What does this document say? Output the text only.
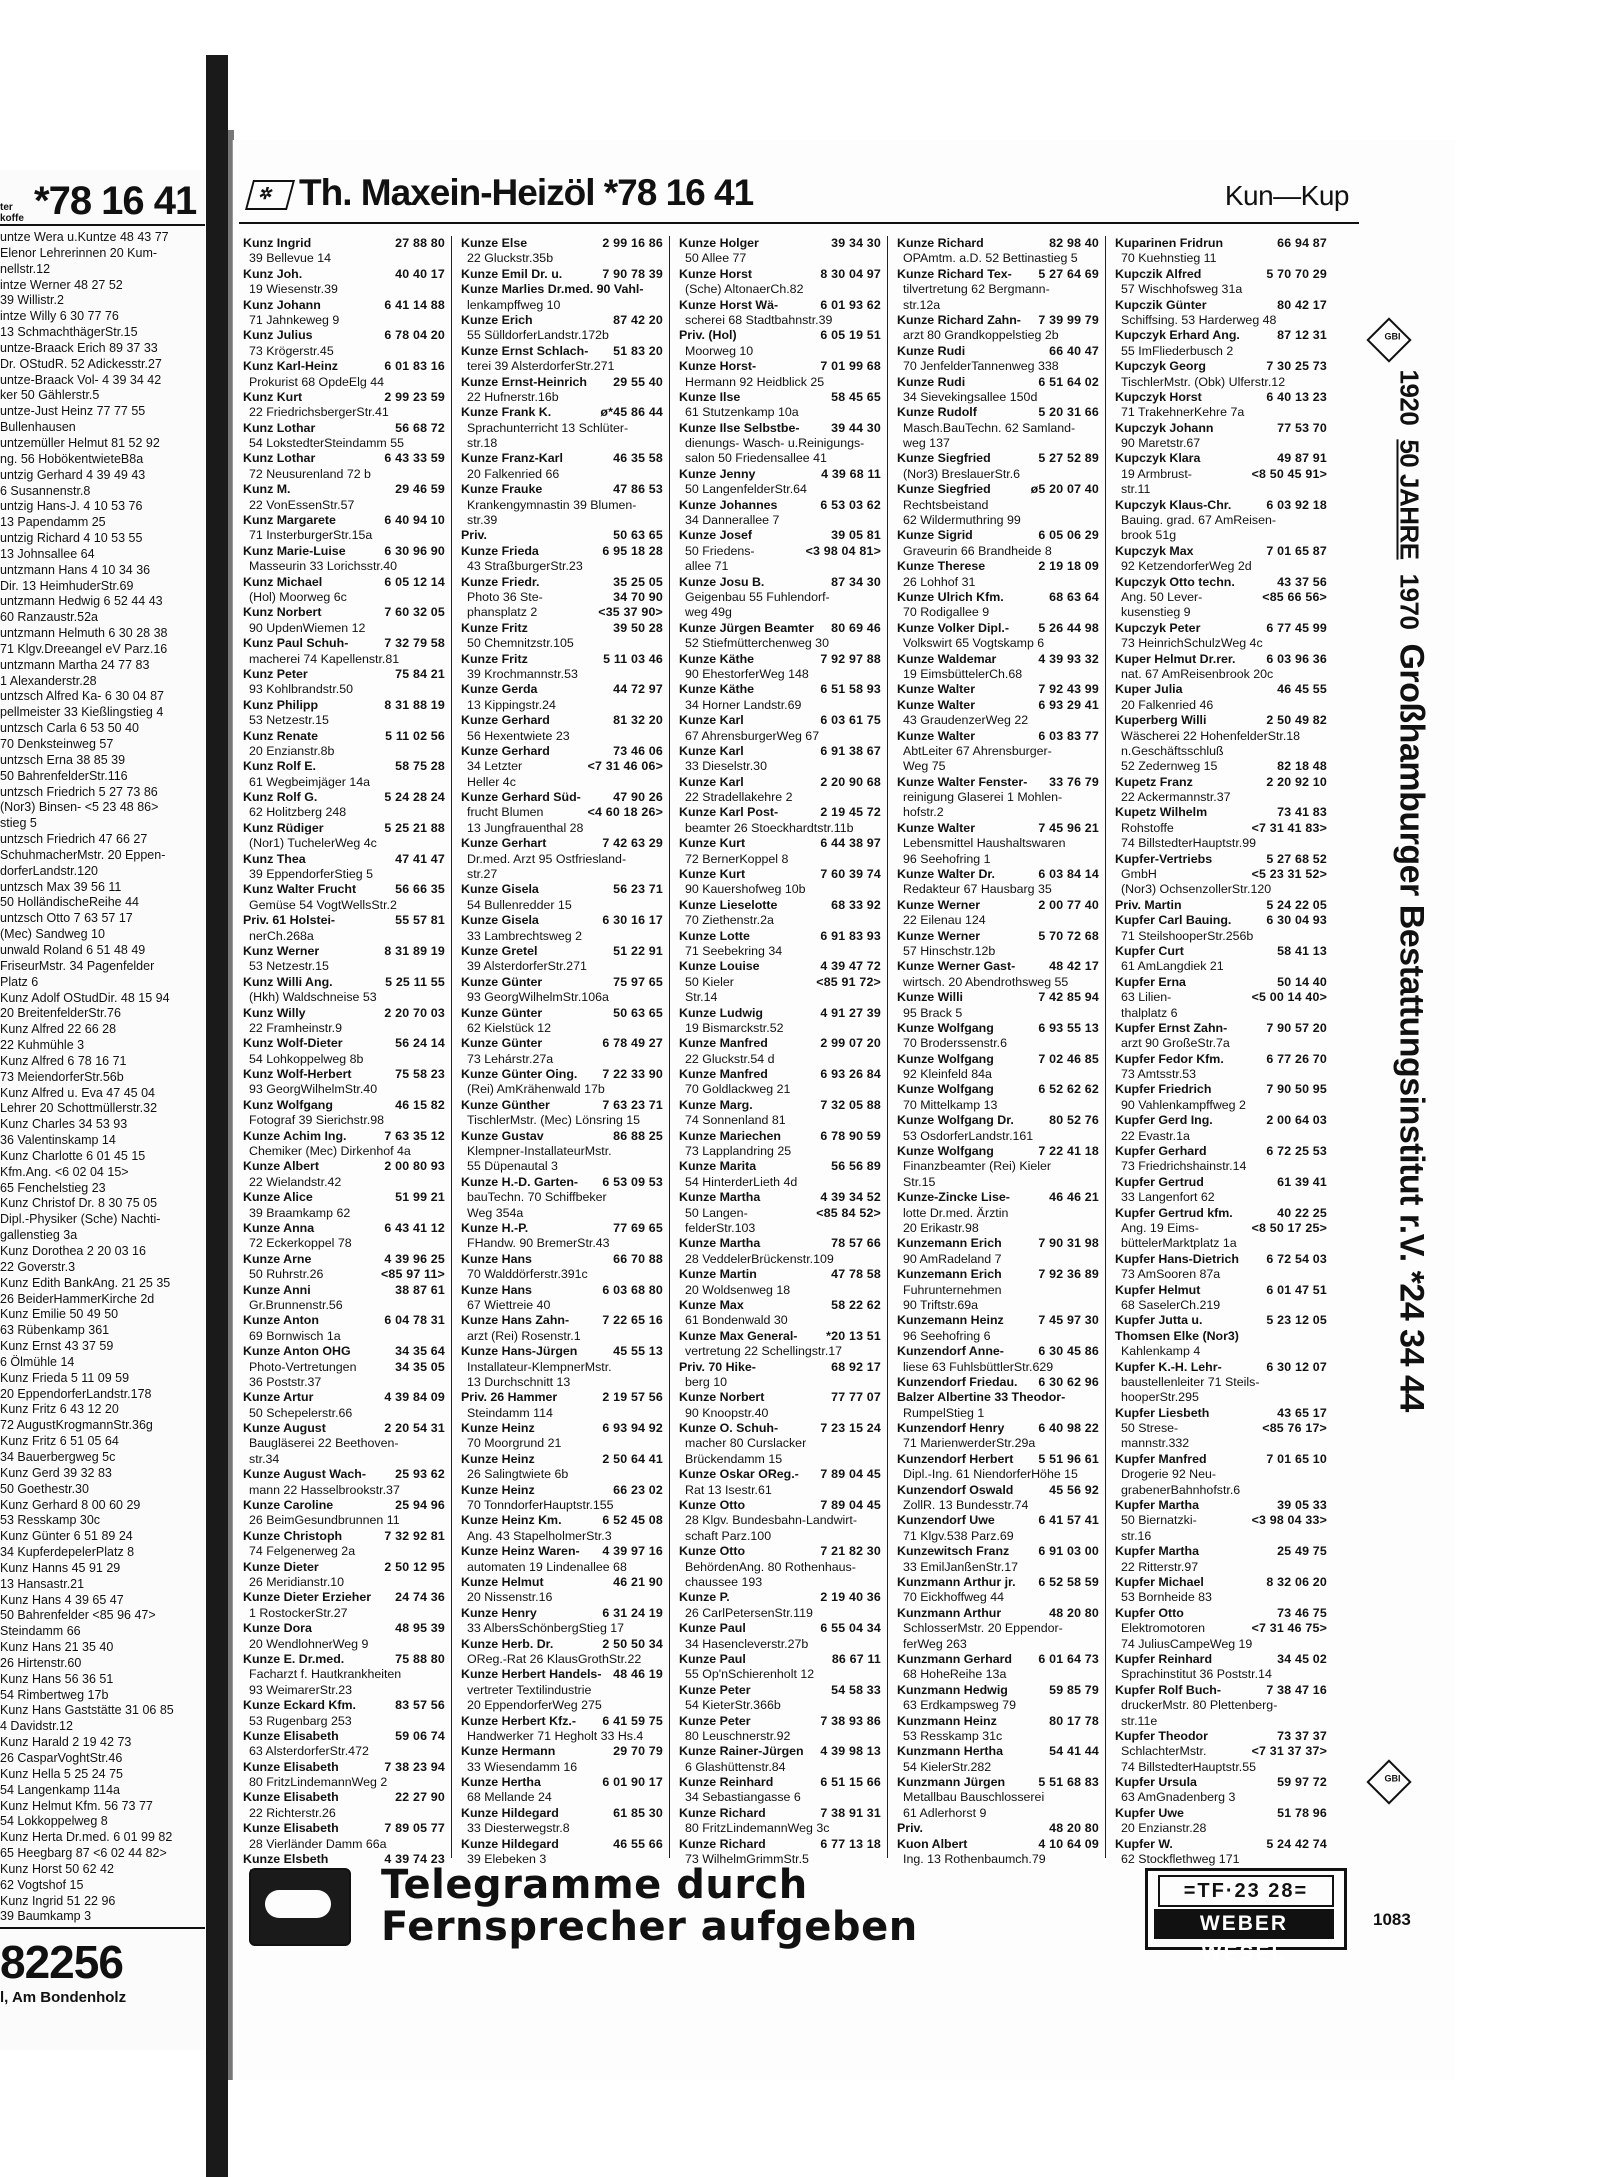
ter koffe *78 16 41
untze Wera u.Kuntze 48 43 77
Elenor Lehrerinnen 20 Kum-
nellstr.12
intze Werner 48 27 52
39 Willistr.2
intze Willy 6 30 77 76
13 SchmachthägerStr.15
untze-Braack Erich 89 37 33
Dr. OStudR. 52 Adickesstr.27
untze-Braack Vol- 4 39 34 42
ker 50 Gählerstr.5
untze-Just Heinz 77 77 55
Bullenhausen
untzemüller Helmut 81 52 92
ng. 56 HobökentwieteB8a
untzig Gerhard 4 39 49 43
6 Susannenstr.8
untzig Hans-J. 4 10 53 76
13 Papendamm 25
untzig Richard 4 10 53 55
13 Johnsallee 64
untzmann Hans 4 10 34 36
Dir. 13 HeimhuderStr.69
untzmann Hedwig 6 52 44 43
60 Ranzaustr.52a
untzmann Helmuth 6 30 28 38
71 Klgv.Dreeangel eV Parz.16
untzmann Martha 24 77 83
1 Alexanderstr.28
untzsch Alfred Ka- 6 30 04 87
pellmeister 33 Kießlingstieg 4
untzsch Carla 6 53 50 40
70 Denksteinweg 57
untzsch Erna 38 85 39
50 BahrenfelderStr.116
untzsch Friedrich 5 27 73 86
(Nor3) Binsen- <5 23 48 86>
stieg 5
untzsch Friedrich 47 66 27
SchuhmacherMstr. 20 Eppen-
dorferLandstr.120
untzsch Max 39 56 11
50 HolländischeReihe 44
untzsch Otto 7 63 57 17
(Mec) Sandweg 10
unwald Roland 6 51 48 49
FriseurMstr. 34 Pagenfelder
Platz 6
Kunz Adolf OStudDir. 48 15 94
20 BreitenfelderStr.76
Kunz Alfred 22 66 28
22 Kuhmühle 3
Kunz Alfred 6 78 16 71
73 MeiendorferStr.56b
Kunz Alfred u. Eva 47 45 04
Lehrer 20 Schottmüllerstr.32
Kunz Charles 34 53 93
36 Valentinskamp 14
Kunz Charlotte 6 01 45 15
Kfm.Ang. <6 02 04 15>
65 Fenchelstieg 23
Kunz Christof Dr. 8 30 75 05
Dipl.-Physiker (Sche) Nachti-
gallenstieg 3a
Kunz Dorothea 2 20 03 16
22 Goverstr.3
Kunz Edith BankAng. 21 25 35
26 BeiderHammerKirche 2d
Kunz Emilie 50 49 50
63 Rübenkamp 361
Kunz Ernst 43 37 59
6 Ölmühle 14
Kunz Frieda 5 11 09 59
20 EppendorferLandstr.178
Kunz Fritz 6 43 12 20
72 AugustKrogmannStr.36g
Kunz Fritz 6 51 05 64
34 Bauerbergweg 5c
Kunz Gerd 39 32 83
50 Goethestr.30
Kunz Gerhard 8 00 60 29
53 Resskamp 30c
Kunz Günter 6 51 89 24
34 KupferdepelerPlatz 8
Kunz Hanns 45 91 29
13 Hansastr.21
Kunz Hans 4 39 65 47
50 Bahrenfelder <85 96 47>
Steindamm 66
Kunz Hans 21 35 40
26 Hirtenstr.60
Kunz Hans 56 36 51
54 Rimbertweg 17b
Kunz Hans Gaststätte 31 06 85
4 Davidstr.12
Kunz Harald 2 19 42 73
26 CasparVoghtStr.46
Kunz Hella 5 25 24 75
54 Langenkamp 114a
Kunz Helmut Kfm. 56 73 77
54 Lokkoppelweg 8
Kunz Herta Dr.med. 6 01 99 82
65 Heegbarg 87 <6 02 44 82>
Kunz Horst 50 62 42
62 Vogtshof 15
Kunz Ingrid 51 22 96
39 Baumkamp 3
82256
l, Am Bondenholz
✲ Th. Maxein-Heizöl *78 16 41	Kun—Kup
Kunz Ingrid	27 88 80
39 Bellevue 14
Kunz Joh.	40 40 17
19 Wiesenstr.39
Kunz Johann	6 41 14 88
71 Jahnkeweg 9
Kunz Julius	6 78 04 20
73 Krögerstr.45
Kunz Karl-Heinz	6 01 83 16
Prokurist 68 OpdeElg 44
Kunz Kurt	2 99 23 59
22 FriedrichsbergerStr.41
Kunz Lothar	56 68 72
54 LokstedterSteindamm 55
Kunz Lothar	6 43 33 59
72 Neusurenland 72 b
Kunz M.	29 46 59
22 VonEssenStr.57
Kunz Margarete	6 40 94 10
71 InsterburgerStr.15a
Kunz Marie-Luise	6 30 96 90
Masseurin 33 Lorichsstr.40
Kunz Michael	6 05 12 14
(Hol) Moorweg 6c
Kunz Norbert	7 60 32 05
90 UpdenWiemen 12
Kunz Paul Schuh-	7 32 79 58
macherei 74 Kapellenstr.81
Kunz Peter	75 84 21
93 Kohlbrandstr.50
Kunz Philipp	8 31 88 19
53 Netzestr.15
Kunz Renate	5 11 02 56
20 Enzianstr.8b
Kunz Rolf E.	58 75 28
61 Wegbeimjäger 14a
Kunz Rolf G.	5 24 28 24
62 Holitzberg 248
Kunz Rüdiger	5 25 21 88
(Nor1) TuchelerWeg 4c
Kunz Thea	47 41 47
39 EppendorferStieg 5
Kunz Walter Frucht	56 66 35
Gemüse 54 VogtWellsStr.2
Priv. 61 Holstei-	55 57 81
nerCh.268a
Kunz Werner	8 31 89 19
53 Netzestr.15
Kunz Willi Ang.	5 25 11 55
(Hkh) Waldschneise 53
Kunz Willy	2 20 70 03
22 Framheinstr.9
Kunz Wolf-Dieter	56 24 14
54 Lohkoppelweg 8b
Kunz Wolf-Herbert	75 58 23
93 GeorgWilhelmStr.40
Kunz Wolfgang	46 15 82
Fotograf 39 Sierichstr.98
Kunze Achim Ing.	7 63 35 12
Chemiker (Mec) Dirkenhof 4a
Kunze Albert	2 00 80 93
22 Wielandstr.42
Kunze Alice	51 99 21
39 Braamkamp 62
Kunze Anna	6 43 41 12
72 Eckerkoppel 78
Kunze Arne	4 39 96 25
50 Ruhrstr.26	<85 97 11>
Kunze Anni	38 87 61
Gr.Brunnenstr.56
Kunze Anton	6 04 78 31
69 Bornwisch 1a
Kunze Anton OHG	34 35 64
Photo-Vertretungen	34 35 05
36 Poststr.37
Kunze Artur	4 39 84 09
50 Schepelerstr.66
Kunze August	2 20 54 31
Baugläserei 22 Beethoven-
str.34
Kunze August Wach-	25 93 62
mann 22 Hasselbrookstr.37
Kunze Caroline	25 94 96
26 BeimGesundbrunnen 11
Kunze Christoph	7 32 92 81
74 Felgenerweg 2a
Kunze Dieter	2 50 12 95
26 Meridianstr.10
Kunze Dieter Erzieher	24 74 36
1 RostockerStr.27
Kunze Dora	48 95 39
20 WendlohnerWeg 9
Kunze E. Dr.med.	75 88 80
Facharzt f. Hautkrankheiten
93 WeimarerStr.23
Kunze Eckard Kfm.	83 57 56
53 Rugenbarg 253
Kunze Elisabeth	59 06 74
63 AlsterdorferStr.472
Kunze Elisabeth	7 38 23 94
80 FritzLindemannWeg 2
Kunze Elisabeth	22 27 90
22 Richterstr.26
Kunze Elisabeth	7 89 05 77
28 Vierländer Damm 66a
Kunze Elsbeth	4 39 74 23
Kunze Else	2 99 16 86
22 Gluckstr.35b
Kunze Emil Dr. u.	7 90 78 39
Kunze Marlies Dr.med. 90 Vahl-
lenkampffweg 10
Kunze Erich	87 42 20
55 SülldorferLandstr.172b
Kunze Ernst Schlach-	51 83 20
terei 39 AlsterdorferStr.271
Kunze Ernst-Heinrich	29 55 40
22 Hufnerstr.16b
Kunze Frank K.	ø*45 86 44
Sprachunterricht 13 Schlüter-
str.18
Kunze Franz-Karl	46 35 58
20 Falkenried 66
Kunze Frauke	47 86 53
Krankengymnastin 39 Blumen-
str.39
Priv.	50 63 65
Kunze Frieda	6 95 18 28
43 StraßburgerStr.23
Kunze Friedr.	35 25 05
Photo 36 Ste-	34 70 90
phansplatz 2	<35 37 90>
Kunze Fritz	39 50 28
50 Chemnitzstr.105
Kunze Fritz	5 11 03 46
39 Krochmannstr.53
Kunze Gerda	44 72 97
13 Kippingstr.24
Kunze Gerhard	81 32 20
56 Hexentwiete 23
Kunze Gerhard	73 46 06
34 Letzter	<7 31 46 06>
Heller 4c
Kunze Gerhard Süd-	47 90 26
frucht Blumen	<4 60 18 26>
13 Jungfrauenthal 28
Kunze Gerhart	7 42 63 29
Dr.med. Arzt 95 Ostfriesland-
str.27
Kunze Gisela	56 23 71
54 Bullenredder 15
Kunze Gisela	6 30 16 17
33 Lambrechtsweg 2
Kunze Gretel	51 22 91
39 AlsterdorferStr.271
Kunze Günter	75 97 65
93 GeorgWilhelmStr.106a
Kunze Günter	50 63 65
62 Kielstück 12
Kunze Günter	6 78 49 27
73 Lehárstr.27a
Kunze Günter Oing.	7 22 33 90
(Rei) AmKrähenwald 17b
Kunze Günther	7 63 23 71
TischlerMstr. (Mec) Lönsring 15
Kunze Gustav	86 88 25
Klempner-InstallateurMstr.
55 Düpenautal 3
Kunze H.-D. Garten-	6 53 09 53
bauTechn. 70 Schiffbeker
Weg 354a
Kunze H.-P.	77 69 65
FHandw. 90 BremerStr.43
Kunze Hans	66 70 88
70 Walddörferstr.391c
Kunze Hans	6 03 68 80
67 Wiettreie 40
Kunze Hans Zahn-	7 22 65 16
arzt (Rei) Rosenstr.1
Kunze Hans-Jürgen	45 55 13
Installateur-KlempnerMstr.
13 Durchschnitt 13
Priv. 26 Hammer	2 19 57 56
Steindamm 114
Kunze Heinz	6 93 94 92
70 Moorgrund 21
Kunze Heinz	2 50 64 41
26 Salingtwiete 6b
Kunze Heinz	66 23 02
70 TonndorferHauptstr.155
Kunze Heinz Km.	6 52 45 08
Ang. 43 StapelholmerStr.3
Kunze Heinz Waren-	4 39 97 16
automaten 19 Lindenallee 68
Kunze Helmut	46 21 90
20 Nissenstr.16
Kunze Henry	6 31 24 19
33 AlbersSchönbergStieg 17
Kunze Herb. Dr.	2 50 50 34
OReg.-Rat 26 KlausGrothStr.22
Kunze Herbert Handels- 48 46 19
vertreter Textilindustrie
20 EppendorferWeg 275
Kunze Herbert Kfz.-	6 41 59 75
Handwerker 71 Hegholt 33 Hs.4
Kunze Hermann	29 70 79
33 Wiesendamm 16
Kunze Hertha	6 01 90 17
68 Mellande 24
Kunze Hildegard	61 85 30
33 Diesterwegstr.8
Kunze Hildegard	46 55 66
39 Elebeken 3
Kunze Holger	39 34 30
50 Allee 77
Kunze Horst	8 30 04 97
(Sche) AltonaerCh.82
Kunze Horst Wä-	6 01 93 62
scherei 68 Stadtbahnstr.39
Priv. (Hol)	6 05 19 51
Moorweg 10
Kunze Horst-	7 01 99 68
Hermann 92 Heidblick 25
Kunze Ilse	58 45 65
61 Stutzenkamp 10a
Kunze Ilse Selbstbe-	39 44 30
dienungs- Wasch- u.Reinigungs-
salon 50 Friedensallee 41
Kunze Jenny	4 39 68 11
50 LangenfelderStr.64
Kunze Johannes	6 53 03 62
34 Dannerallee 7
Kunze Josef	39 05 81
50 Friedens-	<3 98 04 81>
allee 71
Kunze Josu B.	87 34 30
Geigenbau 55 Fuhlendorf-
weg 49g
Kunze Jürgen Beamter	80 69 46
52 Stiefmütterchenweg 30
Kunze Käthe	7 92 97 88
90 EhestorferWeg 148
Kunze Käthe	6 51 58 93
34 Horner Landstr.69
Kunze Karl	6 03 61 75
67 AhrensburgerWeg 67
Kunze Karl	6 91 38 67
33 Dieselstr.30
Kunze Karl	2 20 90 68
22 Stradellakehre 2
Kunze Karl Post-	2 19 45 72
beamter 26 Stoeckhardtstr.11b
Kunze Kurt	6 44 38 97
72 BernerKoppel 8
Kunze Kurt	7 60 39 74
90 Kauershofweg 10b
Kunze Lieselotte	68 33 92
70 Ziethenstr.2a
Kunze Lotte	6 91 83 93
71 Seebekring 34
Kunze Louise	4 39 47 72
50 Kieler	<85 91 72>
Str.14
Kunze Ludwig	4 91 27 39
19 Bismarckstr.52
Kunze Manfred	2 99 07 20
22 Gluckstr.54 d
Kunze Manfred	6 93 26 84
70 Goldlackweg 21
Kunze Marg.	7 32 05 88
74 Sonnenland 81
Kunze Mariechen	6 78 90 59
73 Lapplandring 25
Kunze Marita	56 56 89
54 HinterderLieth 4d
Kunze Martha	4 39 34 52
50 Langen-	<85 84 52>
felderStr.103
Kunze Martha	78 57 66
28 VeddelerBrückenstr.109
Kunze Martin	47 78 58
20 Woldsenweg 18
Kunze Max	58 22 62
61 Bondenwald 30
Kunze Max General-	*20 13 51
vertretung 22 Schellingstr.17
Priv. 70 Hike-	68 92 17
berg 10
Kunze Norbert	77 77 07
90 Knoopstr.40
Kunze O. Schuh-	7 23 15 24
macher 80 Curslacker
Brückendamm 15
Kunze Oskar OReg.-	7 89 04 45
Rat 13 Isestr.61
Kunze Otto	7 89 04 45
28 Klgv. Bundesbahn-Landwirt-
schaft Parz.100
Kunze Otto	7 21 82 30
BehördenAng. 80 Rothenhaus-
chaussee 193
Kunze P.	2 19 40 36
26 CarlPetersenStr.119
Kunze Paul	6 55 04 34
34 Hasencleverstr.27b
Kunze Paul	86 67 11
55 Op'nSchierenholt 12
Kunze Peter	54 58 33
54 KieterStr.366b
Kunze Peter	7 38 93 86
80 Leuschnerstr.92
Kunze Rainer-Jürgen	4 39 98 13
6 Glashüttenstr.84
Kunze Reinhard	6 51 15 66
34 Sebastiangasse 6
Kunze Richard	7 38 91 31
80 FritzLindemannWeg 3c
Kunze Richard	6 77 13 18
73 WilhelmGrimmStr.5
Kunze Richard	82 98 40
OPAmtm. a.D. 52 Bettinastieg 5
Kunze Richard Tex-	5 27 64 69
tilvertretung 62 Bergmann-
str.12a
Kunze Richard Zahn-	7 39 99 79
arzt 80 Grandkoppelstieg 2b
Kunze Rudi	66 40 47
70 JenfelderTannenweg 338
Kunze Rudi	6 51 64 02
34 Sievekingsallee 150d
Kunze Rudolf	5 20 31 66
Masch.BauTechn. 62 Samland-
weg 137
Kunze Siegfried	5 27 52 89
(Nor3) BreslauerStr.6
Kunze Siegfried	ø5 20 07 40
Rechtsbeistand
62 Wildermuthring 99
Kunze Sigrid	6 05 06 29
Graveurin 66 Brandheide 8
Kunze Therese	2 19 18 09
26 Lohhof 31
Kunze Ulrich Kfm.	68 63 64
70 Rodigallee 9
Kunze Volker Dipl.-	5 26 44 98
Volkswirt 65 Vogtskamp 6
Kunze Waldemar	4 39 93 32
19 EimsbüttelerCh.68
Kunze Walter	7 92 43 99
Kunze Walter	6 93 29 41
43 GraudenzerWeg 22
Kunze Walter	6 03 83 77
AbtLeiter 67 Ahrensburger-
Weg 75
Kunze Walter Fenster-	33 76 79
reinigung Glaserei 1 Mohlen-
hofstr.2
Kunze Walter	7 45 96 21
Lebensmittel Haushaltswaren
96 Seehofring 1
Kunze Walter Dr.	6 03 84 14
Redakteur 67 Hausbarg 35
Kunze Werner	2 00 77 40
22 Eilenau 124
Kunze Werner	5 70 72 68
57 Hinschstr.12b
Kunze Werner Gast-	48 42 17
wirtsch. 20 Abendrothsweg 55
Kunze Willi	7 42 85 94
95 Brack 5
Kunze Wolfgang	6 93 55 13
70 Broderssenstr.6
Kunze Wolfgang	7 02 46 85
92 Kleinfeld 84a
Kunze Wolfgang	6 52 62 62
70 Mittelkamp 13
Kunze Wolfgang Dr.	80 52 76
53 OsdorferLandstr.161
Kunze Wolfgang	7 22 41 18
Finanzbeamter (Rei) Kieler
Str.15
Kunze-Zincke Lise-	46 46 21
lotte Dr.med. Ärztin
20 Erikastr.98
Kunzemann Erich	7 90 31 98
90 AmRadeland 7
Kunzemann Erich	7 92 36 89
Fuhrunternehmen
90 Triftstr.69a
Kunzemann Heinz	7 45 97 30
96 Seehofring 6
Kunzendorf Anne-	6 30 45 86
liese 63 FuhlsbüttlerStr.629
Kunzendorf Friedau.	6 30 62 96
Balzer Albertine 33 Theodor-
RumpelStieg 1
Kunzendorf Henry	6 40 98 22
71 MarienwerderStr.29a
Kunzendorf Herbert	5 51 96 61
Dipl.-Ing. 61 NiendorferHöhe 15
Kunzendorf Oswald	45 56 92
ZollR. 13 Bundesstr.74
Kunzendorf Uwe	6 41 57 41
71 Klgv.538 Parz.69
Kunzewitsch Franz	6 91 03 00
33 EmilJanßenStr.17
Kunzmann Arthur jr.	6 52 58 59
70 Eickhoffweg 44
Kunzmann Arthur	48 20 80
SchlosserMstr. 20 Eppendor-
ferWeg 263
Kunzmann Gerhard	6 01 64 73
68 HoheReihe 13a
Kunzmann Hedwig	59 85 79
63 Erdkampsweg 79
Kunzmann Heinz	80 17 78
53 Resskamp 31c
Kunzmann Hertha	54 41 44
54 KielerStr.282
Kunzmann Jürgen	5 51 68 83
Metallbau Bauschlosserei
61 Adlerhorst 9
Priv.	48 20 80
Kuon Albert	4 10 64 09
Ing. 13 Rothenbaumch.79
Kuparinen Fridrun	66 94 87
70 Kuehnstieg 11
Kupczik Alfred	5 70 70 29
57 Wischhofsweg 31a
Kupczik Günter	80 42 17
Schiffsing. 53 Harderweg 48
Kupczyk Erhard Ang.	87 12 31
55 ImFliederbusch 2
Kupczyk Georg	7 30 25 73
TischlerMstr. (Obk) Ulferstr.12
Kupczyk Horst	6 40 13 23
71 TrakehnerKehre 7a
Kupczyk Johann	77 53 70
90 Maretstr.67
Kupczyk Klara	49 87 91
19 Armbrust-	<8 50 45 91>
str.11
Kupczyk Klaus-Chr.	6 03 92 18
Bauing. grad. 67 AmReisen-
brook 51g
Kupczyk Max	7 01 65 87
92 KetzendorferWeg 2d
Kupczyk Otto techn.	43 37 56
Ang. 50 Lever-	<85 66 56>
kusenstieg 9
Kupczyk Peter	6 77 45 99
73 HeinrichSchulzWeg 4c
Kuper Helmut Dr.rer.	6 03 96 36
nat. 67 AmReisenbrook 20c
Kuper Julia	46 45 55
20 Falkenried 46
Kuperberg Willi	2 50 49 82
Wäscherei 22 HohenfelderStr.18
n.Geschäftsschluß
52 Zedernweg 15	82 18 48
Kupetz Franz	2 20 92 10
22 Ackermannstr.37
Kupetz Wilhelm	73 41 83
Rohstoffe	<7 31 41 83>
74 BillstedterHauptstr.99
Kupfer-Vertriebs	5 27 68 52
GmbH	<5 23 31 52>
(Nor3) OchsenzollerStr.120
Priv. Martin	5 24 22 05
Kupfer Carl Bauing.	6 30 04 93
71 SteilshooperStr.256b
Kupfer Curt	58 41 13
61 AmLangdiek 21
Kupfer Erna	50 14 40
63 Lilien-	<5 00 14 40>
thalplatz 6
Kupfer Ernst Zahn-	7 90 57 20
arzt 90 GroßeStr.7a
Kupfer Fedor Kfm.	6 77 26 70
73 Amtsstr.53
Kupfer Friedrich	7 90 50 95
90 Vahlenkampffweg 2
Kupfer Gerd Ing.	2 00 64 03
22 Evastr.1a
Kupfer Gerhard	6 72 25 53
73 Friedrichshainstr.14
Kupfer Gertrud	61 39 41
33 Langenfort 62
Kupfer Gertrud kfm.	40 22 25
Ang. 19 Eims-	<8 50 17 25>
büttelerMarktplatz 1a
Kupfer Hans-Dietrich	6 72 54 03
73 AmSooren 87a
Kupfer Helmut	6 01 47 51
68 SaselerCh.219
Kupfer Jutta u.	5 23 12 05
Thomsen Elke (Nor3)
Kahlenkamp 4
Kupfer K.-H. Lehr-	6 30 12 07
baustellenleiter 71 Steils-
hooperStr.295
Kupfer Liesbeth	43 65 17
50 Strese-	<85 76 17>
mannstr.332
Kupfer Manfred	7 01 65 10
Drogerie 92 Neu-
grabenerBahnhofstr.6
Kupfer Martha	39 05 33
50 Biernatzki-	<3 98 04 33>
str.16
Kupfer Martha	25 49 75
22 Ritterstr.97
Kupfer Michael	8 32 06 20
53 Bornheide 83
Kupfer Otto	73 46 75
Elektromotoren	<7 31 46 75>
74 JuliusCampeWeg 19
Kupfer Reinhard	34 45 02
Sprachinstitut 36 Poststr.14
Kupfer Rolf Buch-	7 38 47 16
druckerMstr. 80 Plettenberg-
str.11e
Kupfer Theodor	73 37 37
SchlachterMstr.	<7 31 37 37>
74 BillstedterHauptstr.55
Kupfer Ursula	59 97 72
63 AmGnadenberg 3
Kupfer Uwe	51 78 96
20 Enzianstr.28
Kupfer W.	5 24 42 74
62 Stockflethweg 171
GBI
192050 JAHRE1970Großhamburger Bestattungsinstitut r.V. *24 34 44
GBI
Telegramme durch
Fernsprecher aufgeben
=TF·23 28=
WEBER WESEL
1083
